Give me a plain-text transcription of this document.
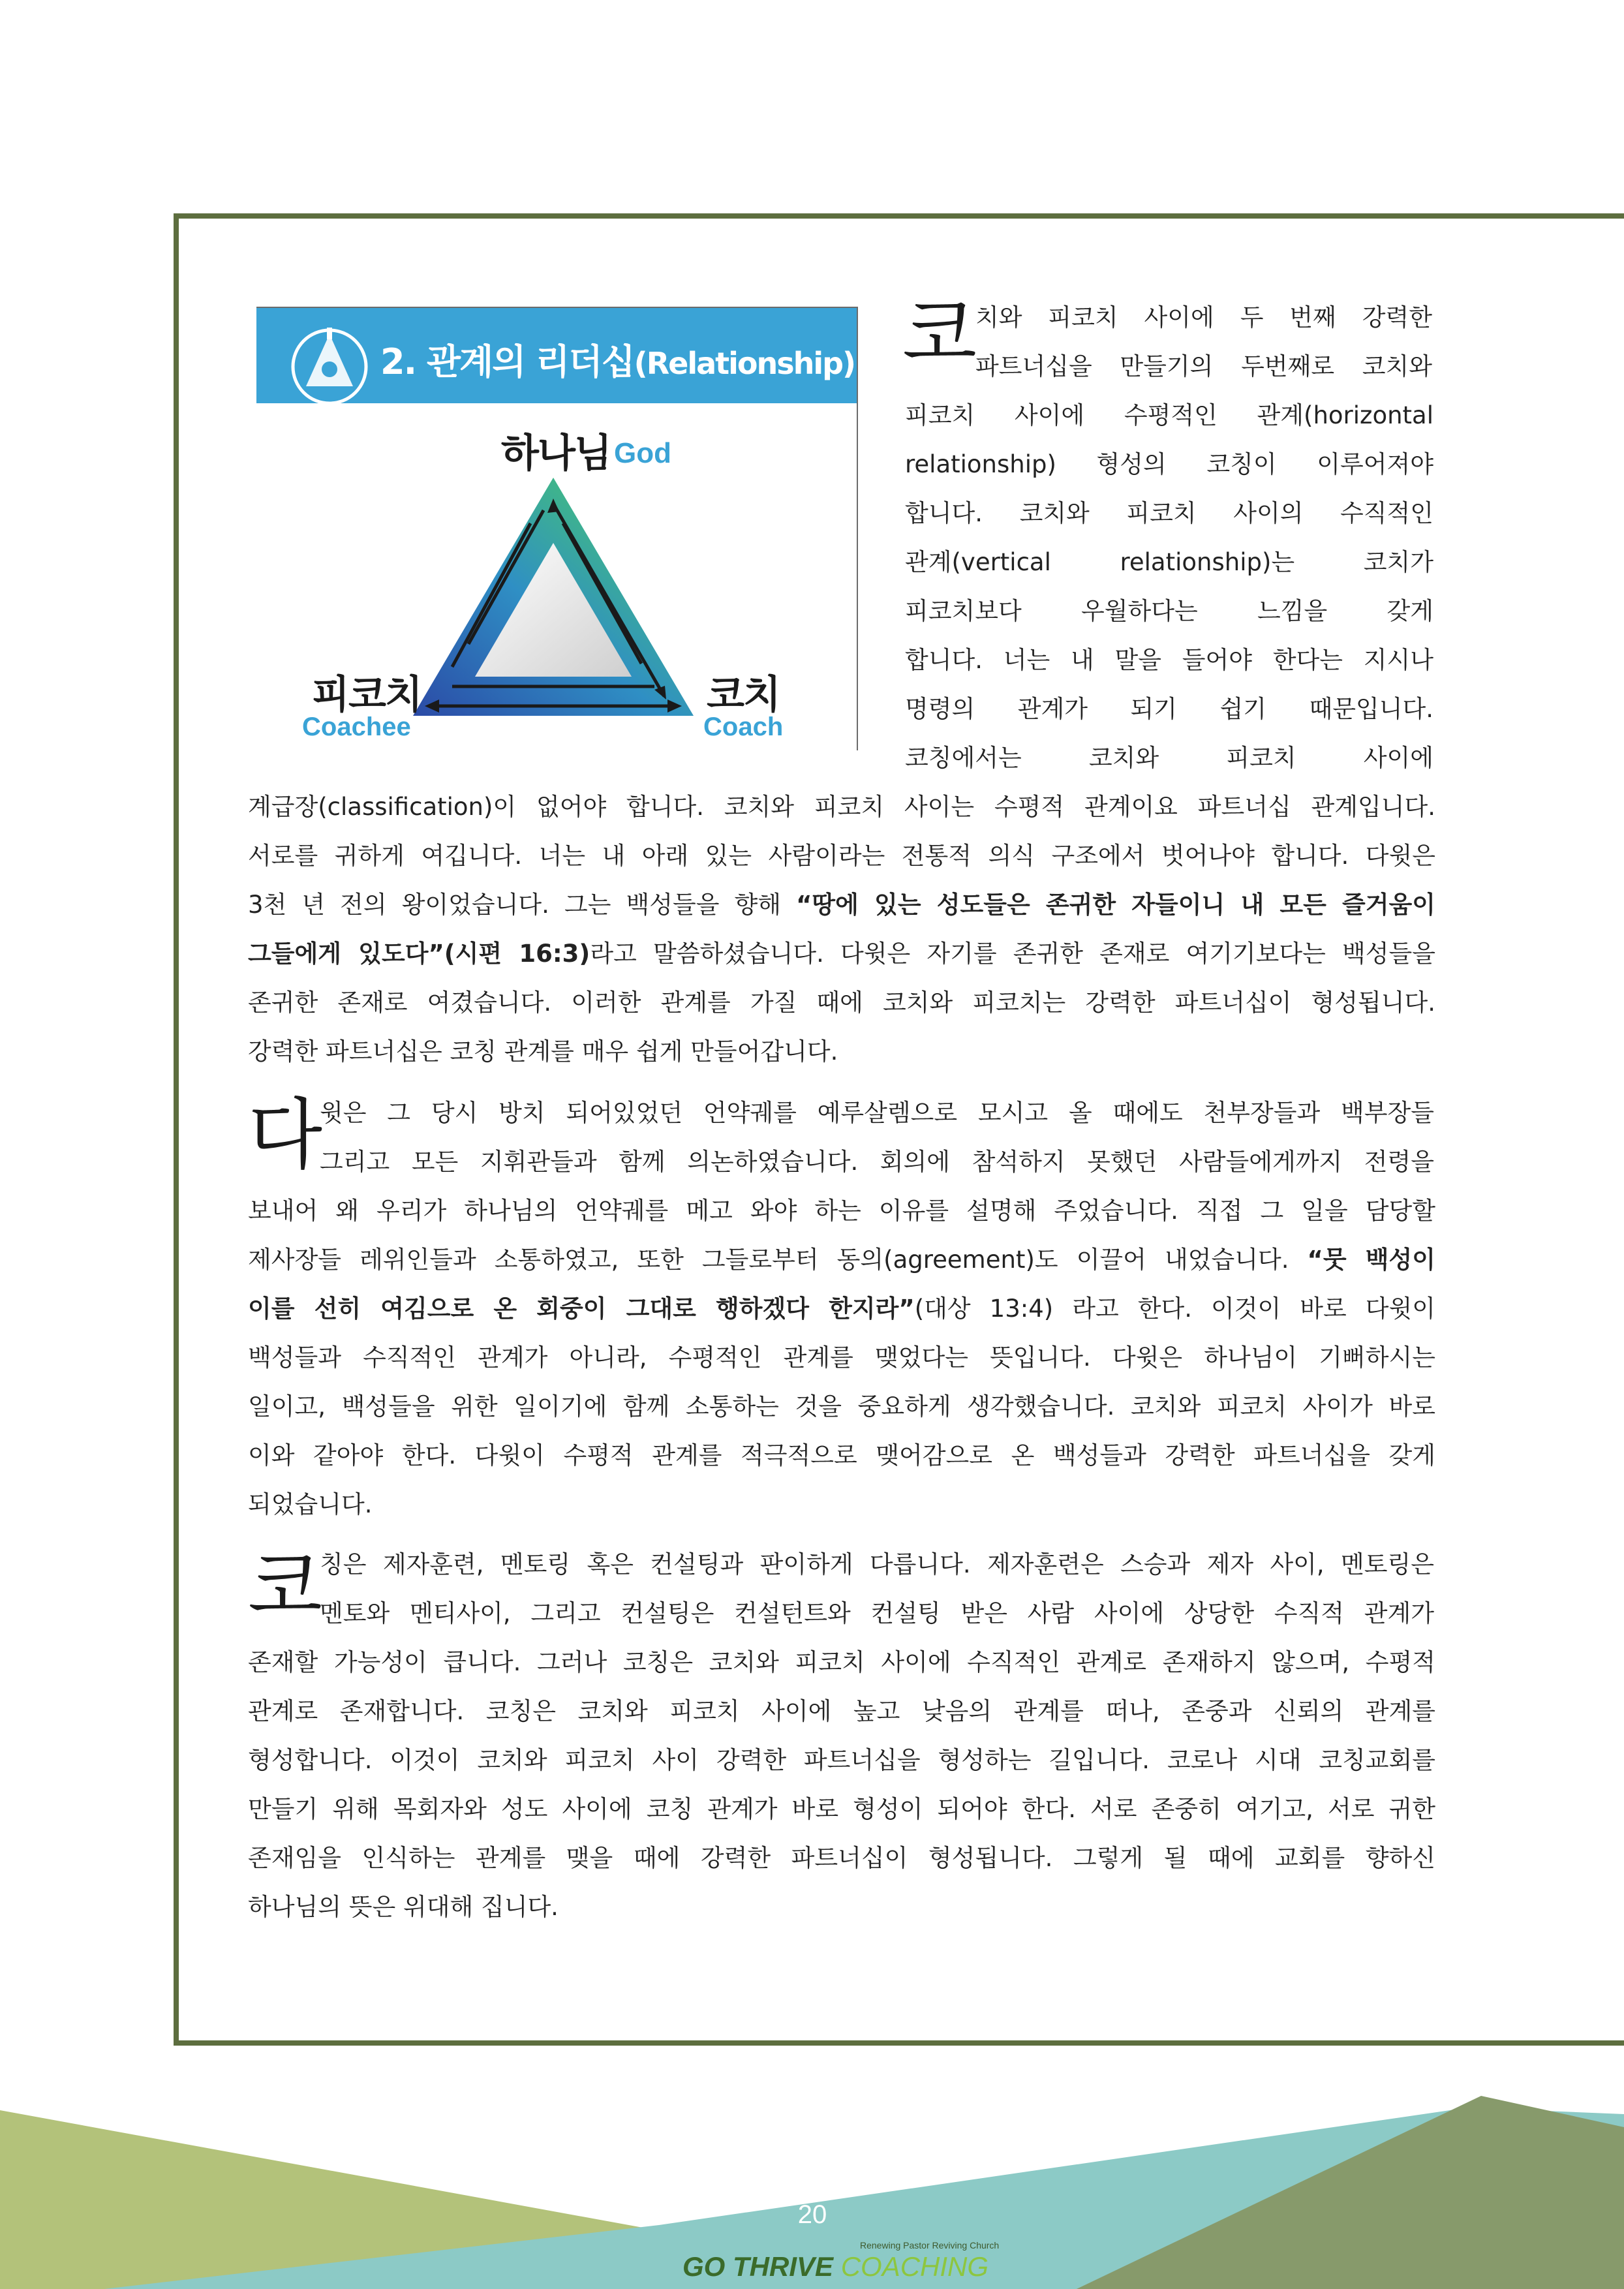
2. 관계의 리더십(Relationship)
하나님 God
피코치
Coachee
코치
Coach
코
치와 피코치 사이에 두 번째 강력한
파트너십을 만들기의 두번째로 코치와
피코치 사이에 수평적인 관계(horizontal
relationship) 형성의 코칭이 이루어져야
합니다. 코치와 피코치 사이의 수직적인
관계(vertical relationship)는 코치가
피코치보다 우월하다는 느낌을 갖게
합니다. 너는 내 말을 들어야 한다는 지시나
명령의 관계가 되기 쉽기 때문입니다.
코칭에서는 코치와 피코치 사이에
계급장(classification)이 없어야 합니다. 코치와 피코치 사이는 수평적 관계이요 파트너십 관계입니다.
서로를 귀하게 여깁니다. 너는 내 아래 있는 사람이라는 전통적 의식 구조에서 벗어나야 합니다. 다윗은
3천 년 전의 왕이었습니다. 그는 백성들을 향해 “땅에 있는 성도들은 존귀한 자들이니 내 모든 즐거움이
그들에게 있도다”(시편 16:3)라고 말씀하셨습니다. 다윗은 자기를 존귀한 존재로 여기기보다는 백성들을
존귀한 존재로 여겼습니다. 이러한 관계를 가질 때에 코치와 피코치는 강력한 파트너십이 형성됩니다.
강력한 파트너십은 코칭 관계를 매우 쉽게 만들어갑니다.
다
윗은 그 당시 방치 되어있었던 언약궤를 예루살렘으로 모시고 올 때에도 천부장들과 백부장들
그리고 모든 지휘관들과 함께 의논하였습니다. 회의에 참석하지 못했던 사람들에게까지 전령을
보내어 왜 우리가 하나님의 언약궤를 메고 와야 하는 이유를 설명해 주었습니다. 직접 그 일을 담당할
제사장들 레위인들과 소통하였고, 또한 그들로부터 동의(agreement)도 이끌어 내었습니다. “뭇 백성이
이를 선히 여김으로 온 회중이 그대로 행하겠다 한지라”(대상 13:4) 라고 한다. 이것이 바로 다윗이
백성들과 수직적인 관계가 아니라, 수평적인 관계를 맺었다는 뜻입니다. 다윗은 하나님이 기뻐하시는
일이고, 백성들을 위한 일이기에 함께 소통하는 것을 중요하게 생각했습니다. 코치와 피코치 사이가 바로
이와 같아야 한다. 다윗이 수평적 관계를 적극적으로 맺어감으로 온 백성들과 강력한 파트너십을 갖게
되었습니다.
코
칭은 제자훈련, 멘토링 혹은 컨설팅과 판이하게 다릅니다. 제자훈련은 스승과 제자 사이, 멘토링은
멘토와 멘티사이, 그리고 컨설팅은 컨설턴트와 컨설팅 받은 사람 사이에 상당한 수직적 관계가
존재할 가능성이 큽니다. 그러나 코칭은 코치와 피코치 사이에 수직적인 관계로 존재하지 않으며, 수평적
관계로 존재합니다. 코칭은 코치와 피코치 사이에 높고 낮음의 관계를 떠나, 존중과 신뢰의 관계를
형성합니다. 이것이 코치와 피코치 사이 강력한 파트너십을 형성하는 길입니다. 코로나 시대 코칭교회를
만들기 위해 목회자와 성도 사이에 코칭 관계가 바로 형성이 되어야 한다. 서로 존중히 여기고, 서로 귀한
존재임을 인식하는 관계를 맺을 때에 강력한 파트너십이 형성됩니다. 그렇게 될 때에 교회를 향하신
하나님의 뜻은 위대해 집니다.
20
Renewing Pastor Reviving Church
GO THRIVE COACHING
